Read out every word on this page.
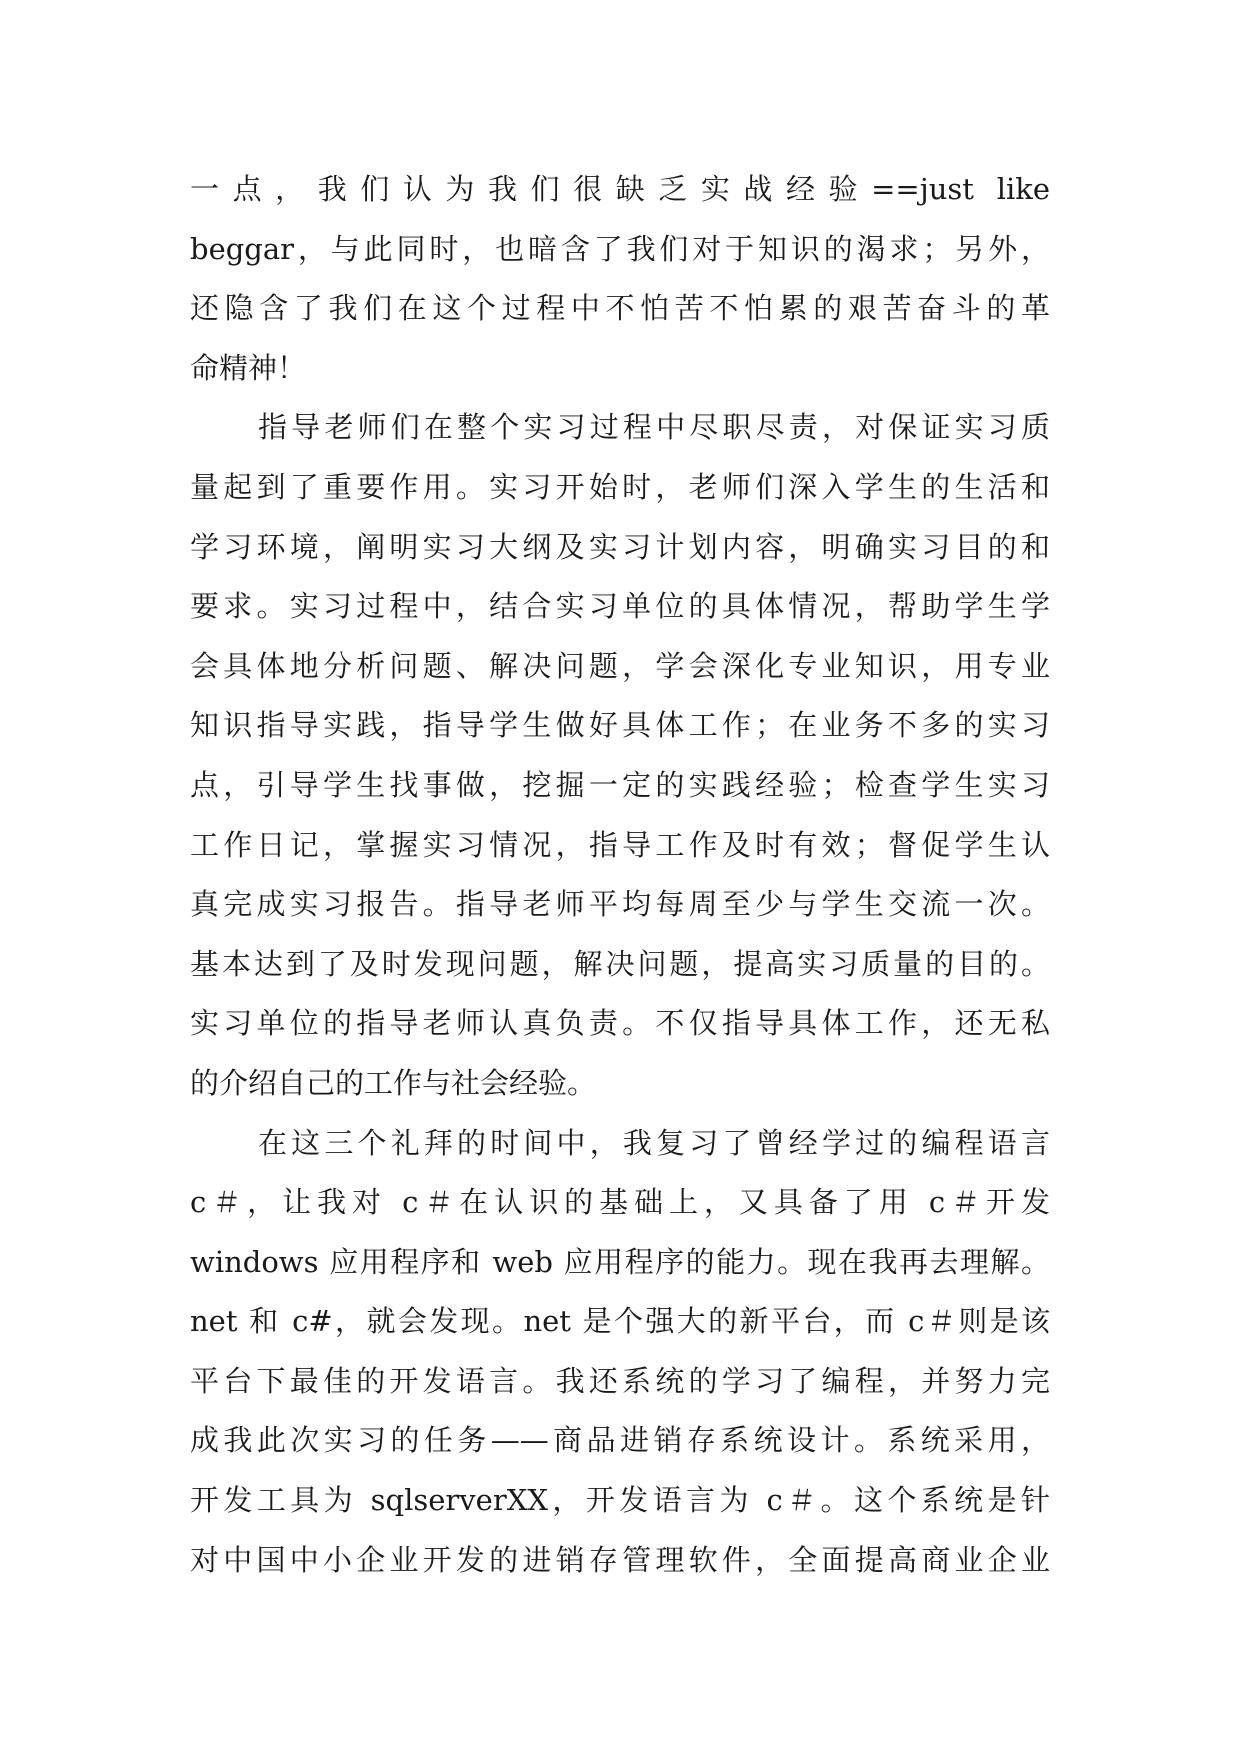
一点，我们认为我们很缺乏实战经验==just like
beggar，与此同时，也暗含了我们对于知识的渴求；另外，
还隐含了我们在这个过程中不怕苦不怕累的艰苦奋斗的革
命精神！
指导老师们在整个实习过程中尽职尽责，对保证实习质
量起到了重要作用。实习开始时，老师们深入学生的生活和
学习环境，阐明实习大纲及实习计划内容，明确实习目的和
要求。实习过程中，结合实习单位的具体情况，帮助学生学
会具体地分析问题、解决问题，学会深化专业知识，用专业
知识指导实践，指导学生做好具体工作；在业务不多的实习
点，引导学生找事做，挖掘一定的实践经验；检查学生实习
工作日记，掌握实习情况，指导工作及时有效；督促学生认
真完成实习报告。指导老师平均每周至少与学生交流一次。
基本达到了及时发现问题，解决问题，提高实习质量的目的。
实习单位的指导老师认真负责。不仅指导具体工作，还无私
的介绍自己的工作与社会经验。
在这三个礼拜的时间中，我复习了曾经学过的编程语言
c＃，让我对 c＃在认识的基础上，又具备了用 c＃开发
windows 应用程序和 web 应用程序的能力。现在我再去理解。
net 和 c#，就会发现。net 是个强大的新平台，而 c＃则是该
平台下最佳的开发语言。我还系统的学习了编程，并努力完
成我此次实习的任务——商品进销存系统设计。系统采用，
开发工具为 sqlserverXX，开发语言为 c＃。这个系统是针
对中国中小企业开发的进销存管理软件，全面提高商业企业
